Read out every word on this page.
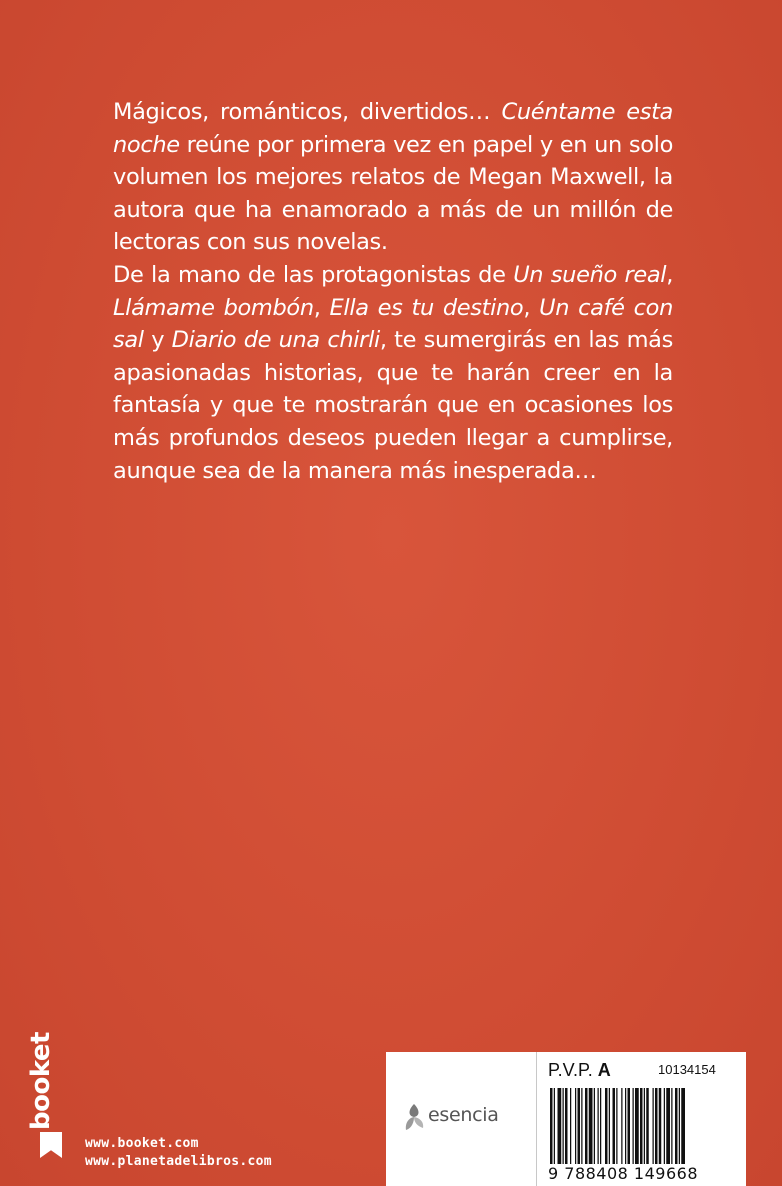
Mágicos, románticos, divertidos… Cuéntame esta noche reúne por primera vez en papel y en un solo volumen los mejores relatos de Megan Maxwell, la autora que ha enamorado a más de un millón de lectoras con sus novelas.

De la mano de las protagonistas de Un sueño real, Llámame bombón, Ella es tu destino, Un café con sal y Diario de una chirli, te sumergirás en las más apasionadas historias, que te harán creer en la fantasía y que te mostrarán que en ocasiones los más profundos deseos pueden llegar a cumplirse, aunque sea de la manera más inesperada…

booket
www.booket.com
www.planetadelibros.com
esencia
P.V.P. A	10134154
9 788408 149668
